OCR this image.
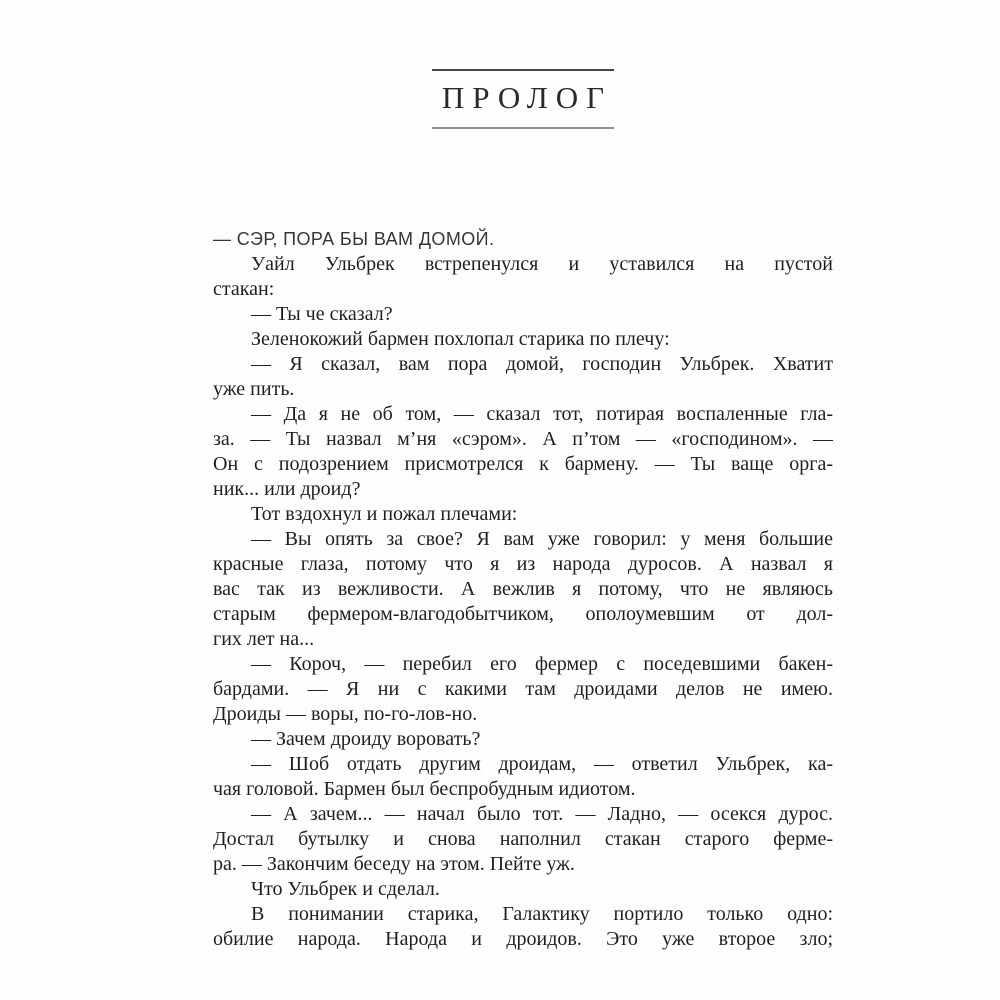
ПРОЛОГ
— СЭР, ПОРА БЫ ВАМ ДОМОЙ.
Уайл Ульбрек встрепенулся и уставился на пустой
стакан:
— Ты че сказал?
Зеленокожий бармен похлопал старика по плечу:
— Я сказал, вам пора домой, господин Ульбрек. Хватит
уже пить.
— Да я не об том, — сказал тот, потирая воспаленные гла-
за. — Ты назвал м’ня «сэром». А п’том — «господином». —
Он с подозрением присмотрелся к бармену. — Ты ваще орга-
ник... или дроид?
Тот вздохнул и пожал плечами:
— Вы опять за свое? Я вам уже говорил: у меня большие
красные глаза, потому что я из народа дуросов. А назвал я
вас так из вежливости. А вежлив я потому, что не являюсь
старым фермером-влагодобытчиком, ополоумевшим от дол-
гих лет на...
— Короч, — перебил его фермер с поседевшими бакен-
бардами. — Я ни с какими там дроидами делов не имею.
Дроиды — воры, по-го-лов-но.
— Зачем дроиду воровать?
— Шоб отдать другим дроидам, — ответил Ульбрек, ка-
чая головой. Бармен был беспробудным идиотом.
— А зачем... — начал было тот. — Ладно, — осекся дурос.
Достал бутылку и снова наполнил стакан старого ферме-
ра. — Закончим беседу на этом. Пейте уж.
Что Ульбрек и сделал.
В понимании старика, Галактику портило только одно:
обилие народа. Народа и дроидов. Это уже второе зло;
